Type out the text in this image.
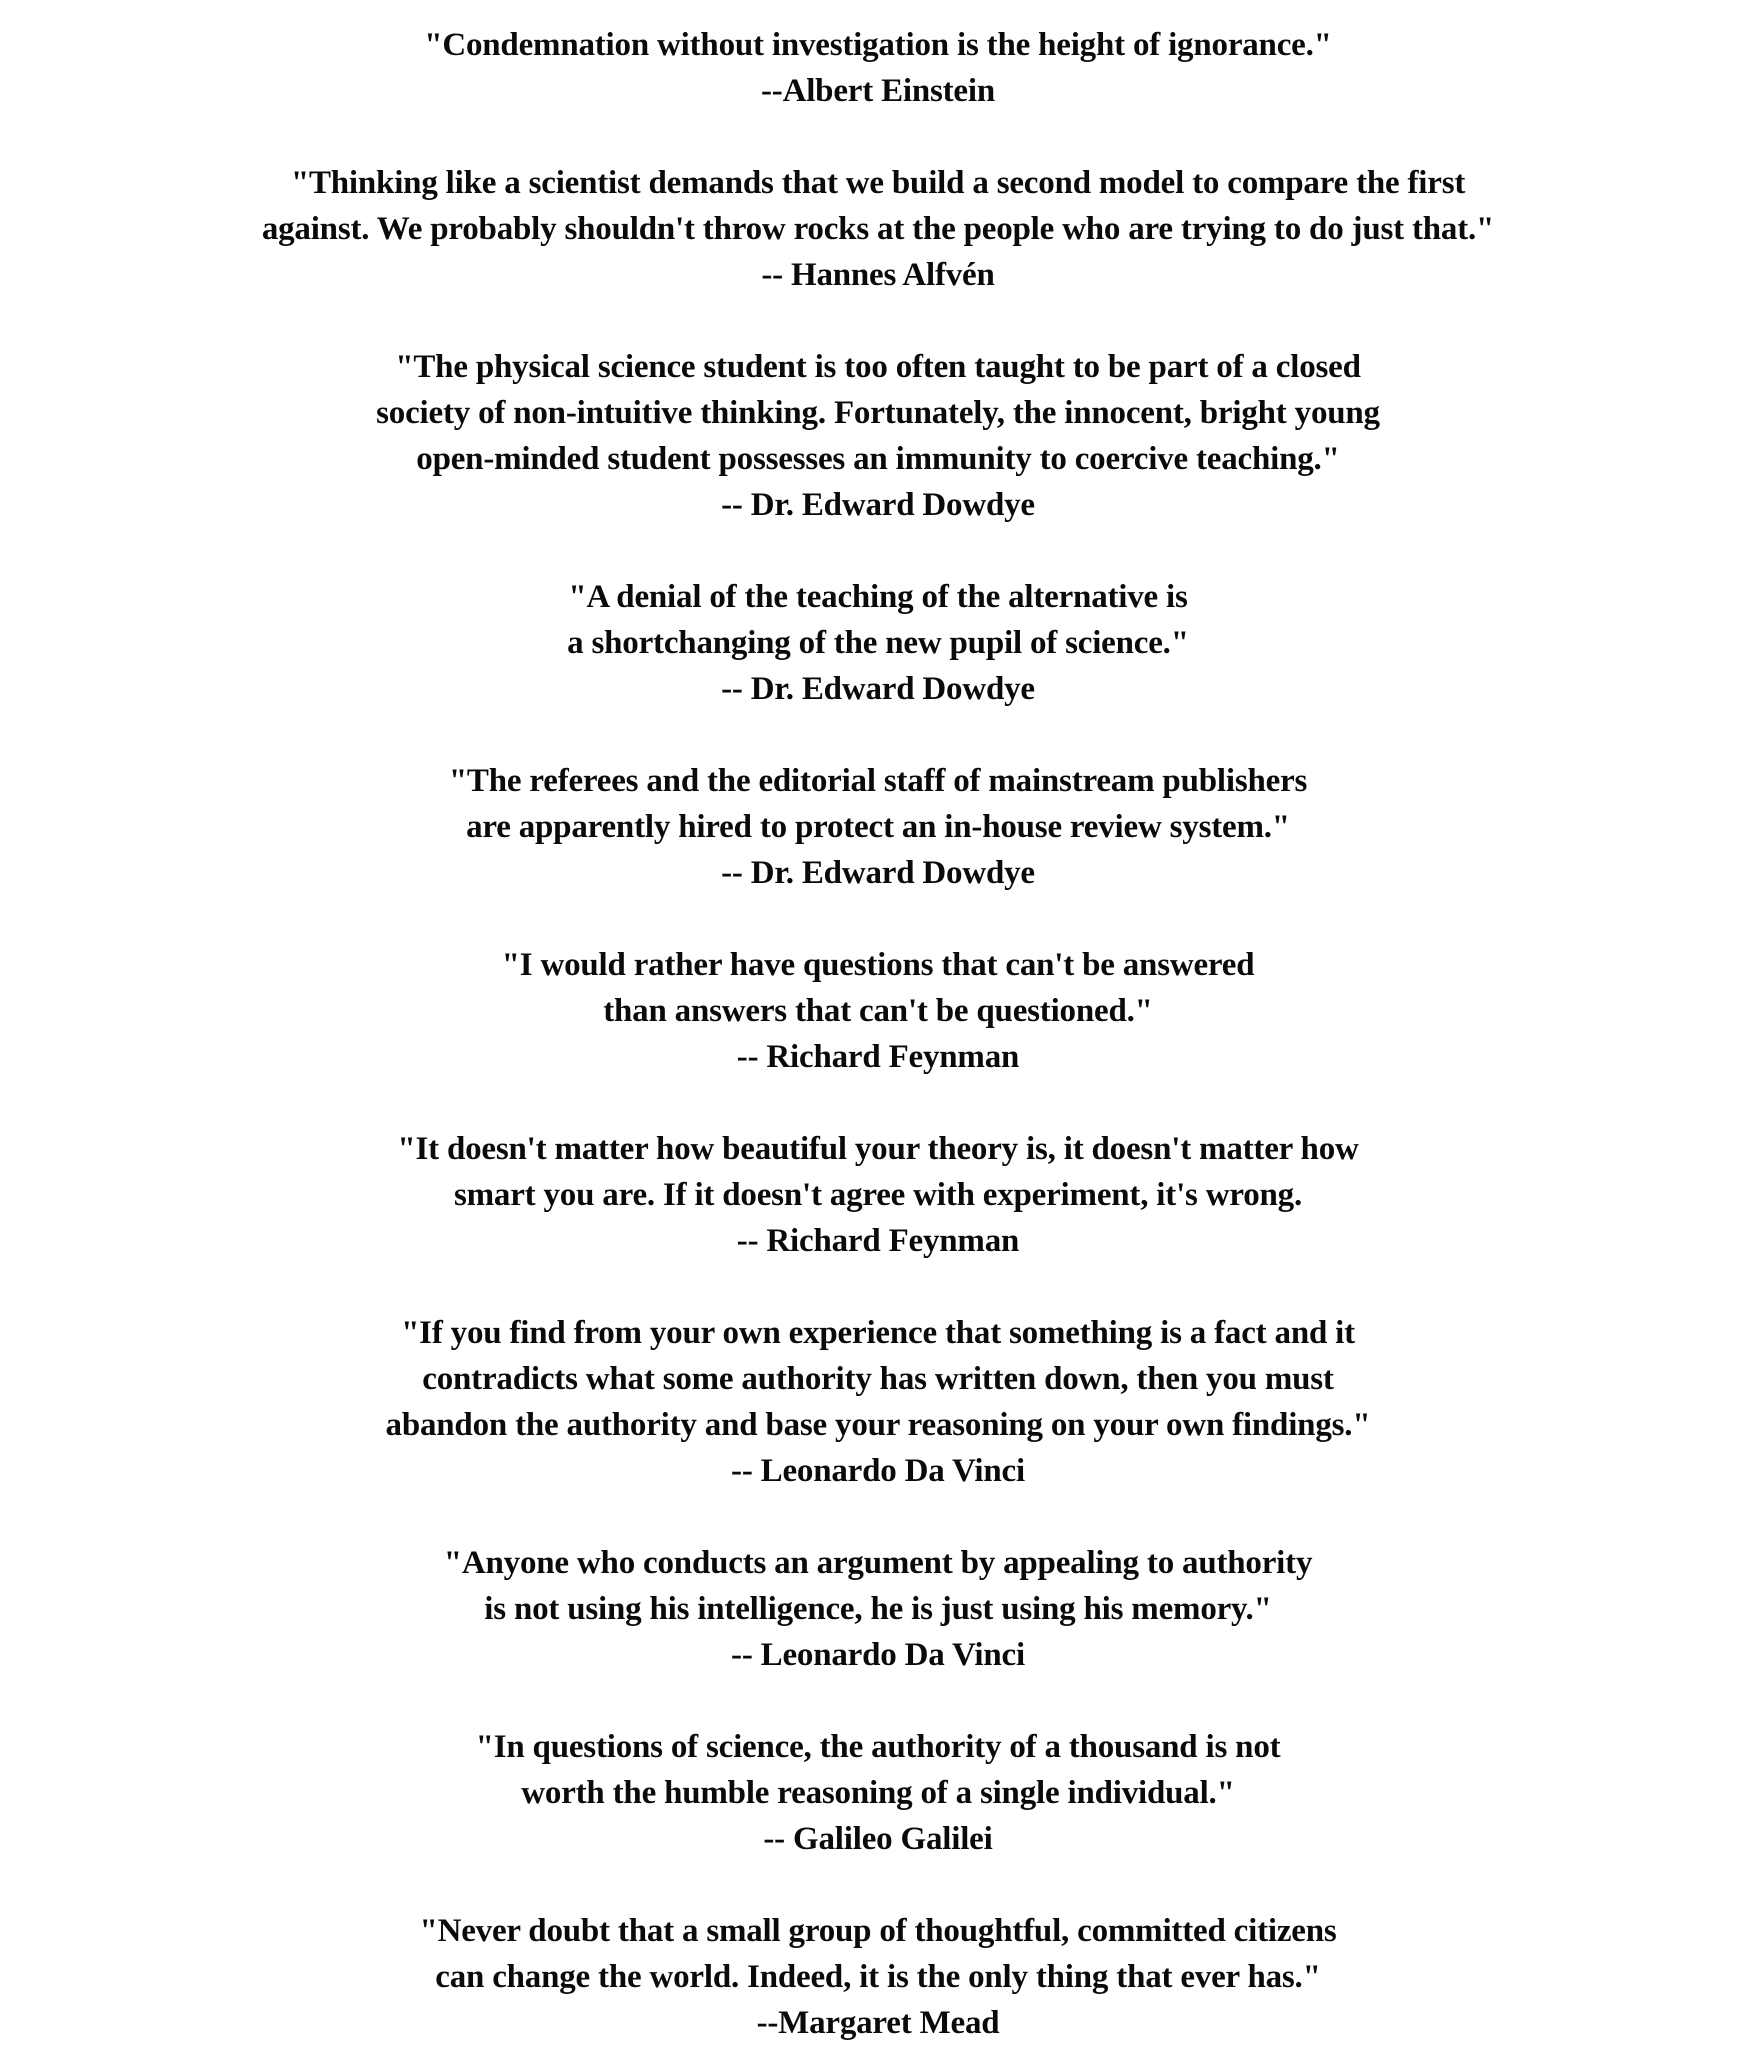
"Condemnation without investigation is the height of ignorance."
--Albert Einstein
"Thinking like a scientist demands that we build a second model to compare the first
against. We probably shouldn't throw rocks at the people who are trying to do just that."
-- Hannes Alfvén
"The physical science student is too often taught to be part of a closed
society of non-intuitive thinking. Fortunately, the innocent, bright young
open-minded student possesses an immunity to coercive teaching."
-- Dr. Edward Dowdye
"A denial of the teaching of the alternative is
a shortchanging of the new pupil of science."
-- Dr. Edward Dowdye
"The referees and the editorial staff of mainstream publishers
are apparently hired to protect an in-house review system."
-- Dr. Edward Dowdye
"I would rather have questions that can't be answered
than answers that can't be questioned."
-- Richard Feynman
"It doesn't matter how beautiful your theory is, it doesn't matter how
smart you are. If it doesn't agree with experiment, it's wrong.
-- Richard Feynman
"If you find from your own experience that something is a fact and it
contradicts what some authority has written down, then you must
abandon the authority and base your reasoning on your own findings."
-- Leonardo Da Vinci
"Anyone who conducts an argument by appealing to authority
is not using his intelligence, he is just using his memory."
-- Leonardo Da Vinci
"In questions of science, the authority of a thousand is not
worth the humble reasoning of a single individual."
-- Galileo Galilei
"Never doubt that a small group of thoughtful, committed citizens
can change the world. Indeed, it is the only thing that ever has."
--Margaret Mead
